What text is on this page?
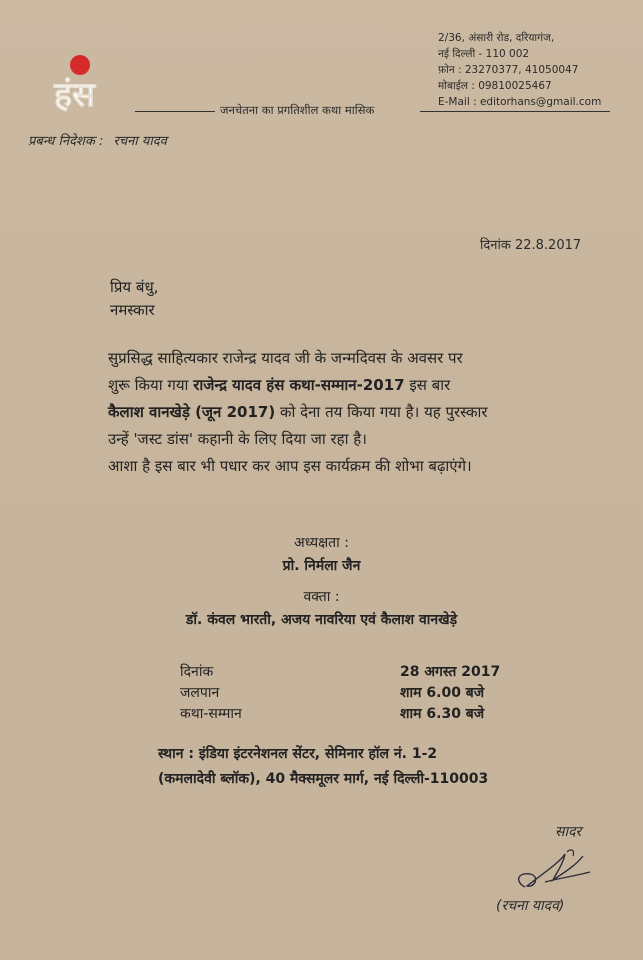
हंस	जनचेतना का प्रगतिशील कथा मासिक
2/36, अंसारी रोड, दरियागंज,
नई दिल्ली - 110 002
फ़ोन : 23270377, 41050047
मोबाईल : 09810025467
E-Mail : editorhans@gmail.com
प्रबन्ध निदेशक : रचना यादव
दिनांक 22.8.2017
प्रिय बंधु,
नमस्कार

सुप्रसिद्ध साहित्यकार राजेन्द्र यादव जी के जन्मदिवस के अवसर पर

शुरू किया गया राजेन्द्र यादव हंस कथा-सम्मान-2017 इस बार

कैलाश वानखेड़े (जून 2017) को देना तय किया गया है। यह पुरस्कार

उन्हें 'जस्ट डांस' कहानी के लिए दिया जा रहा है।

आशा है इस बार भी पधार कर आप इस कार्यक्रम की शोभा बढ़ाएंगे।

अध्यक्षता :
प्रो. निर्मला जैन
वक्ता :
डॉ. कंवल भारती, अजय नावरिया एवं कैलाश वानखेड़े
दिनांक	28 अगस्त 2017
जलपान	शाम 6.00 बजे
कथा-सम्मान	शाम 6.30 बजे
स्थान : इंडिया इंटरनेशनल सेंटर, सेमिनार हॉल नं. 1-2
(कमलादेवी ब्लॉक), 40 मैक्समूलर मार्ग, नई दिल्ली-110003
सादर
(रचना यादव)
